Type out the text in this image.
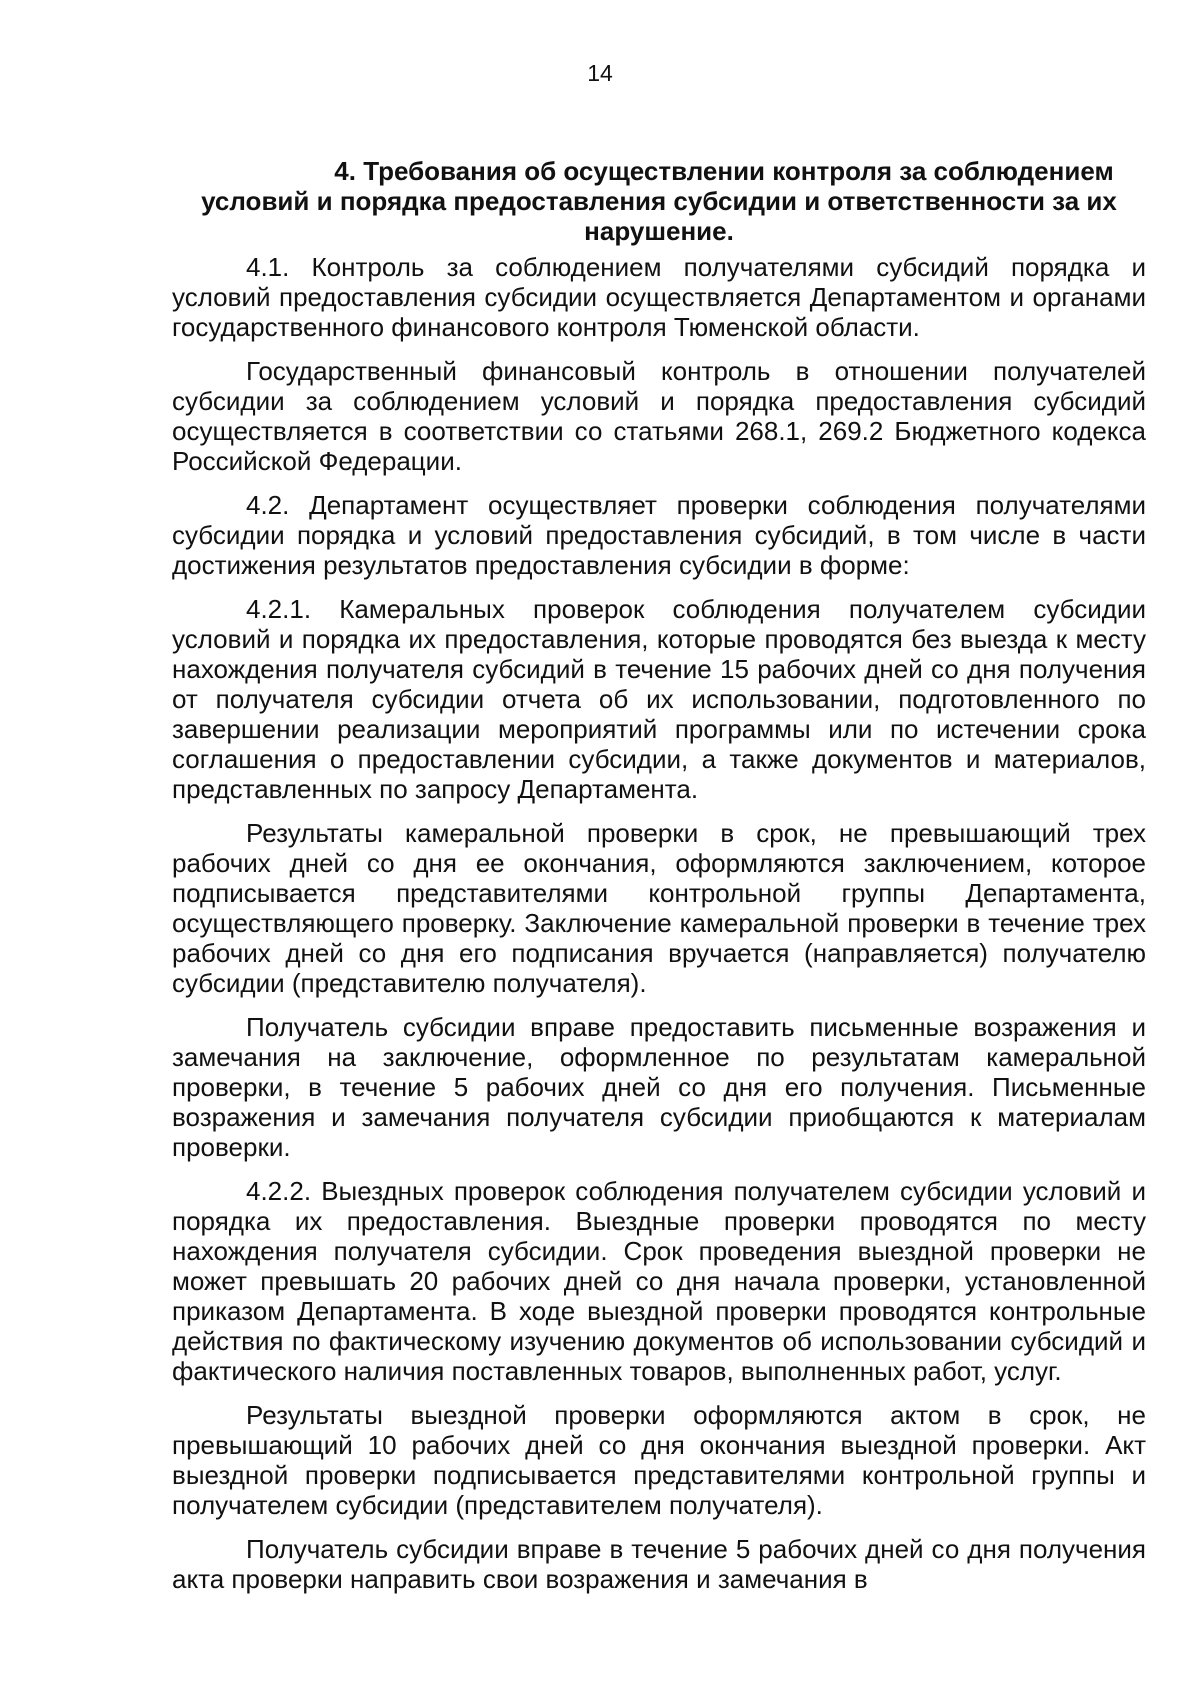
14
4. Требования об осуществлении контроля за соблюдением
условий и порядка предоставления субсидии и ответственности за их
нарушение.

4.1. Контроль за соблюдением получателями субсидий порядка и условий предоставления субсидии осуществляется Департаментом и органами государственного финансового контроля Тюменской области.

Государственный финансовый контроль в отношении получателей субсидии за соблюдением условий и порядка предоставления субсидий осуществляется в соответствии со статьями 268.1, 269.2 Бюджетного кодекса Российской Федерации.

4.2. Департамент осуществляет проверки соблюдения получателями субсидии порядка и условий предоставления субсидий, в том числе в части достижения результатов предоставления субсидии в форме:

4.2.1. Камеральных проверок соблюдения получателем субсидии условий и порядка их предоставления, которые проводятся без выезда к месту нахождения получателя субсидий в течение 15 рабочих дней со дня получения от получателя субсидии отчета об их использовании, подготовленного по завершении реализации мероприятий программы или по истечении срока соглашения о предоставлении субсидии, а также документов и материалов, представленных по запросу Департамента.

Результаты камеральной проверки в срок, не превышающий трех рабочих дней со дня ее окончания, оформляются заключением, которое подписывается представителями контрольной группы Департамента, осуществляющего проверку. Заключение камеральной проверки в течение трех рабочих дней со дня его подписания вручается (направляется) получателю субсидии (представителю получателя).

Получатель субсидии вправе предоставить письменные возражения и замечания на заключение, оформленное по результатам камеральной проверки, в течение 5 рабочих дней со дня его получения. Письменные возражения и замечания получателя субсидии приобщаются к материалам проверки.

4.2.2. Выездных проверок соблюдения получателем субсидии условий и порядка их предоставления. Выездные проверки проводятся по месту нахождения получателя субсидии. Срок проведения выездной проверки не может превышать 20 рабочих дней со дня начала проверки, установленной приказом Департамента. В ходе выездной проверки проводятся контрольные действия по фактическому изучению документов об использовании субсидий и фактического наличия поставленных товаров, выполненных работ, услуг.

Результаты выездной проверки оформляются актом в срок, не превышающий 10 рабочих дней со дня окончания выездной проверки. Акт выездной проверки подписывается представителями контрольной группы и получателем субсидии (представителем получателя).

Получатель субсидии вправе в течение 5 рабочих дней со дня получения акта проверки направить свои возражения и замечания в
